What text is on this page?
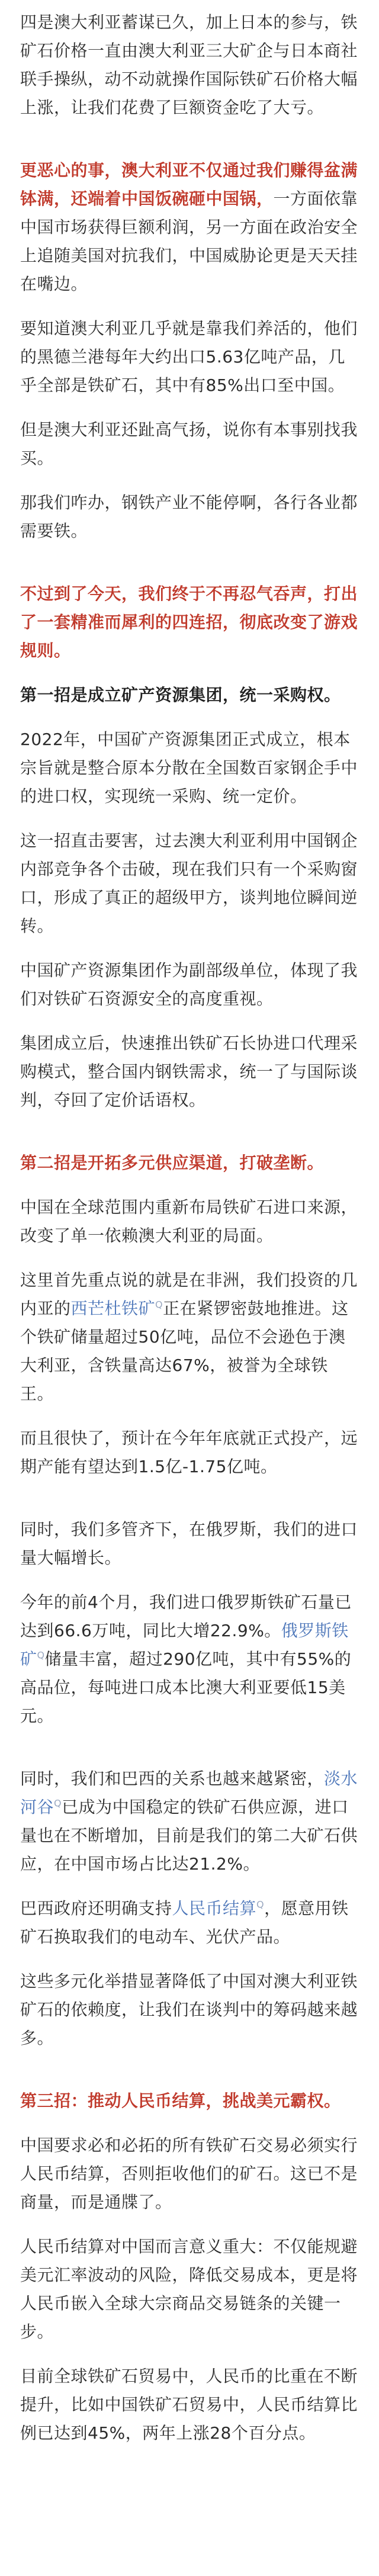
四是澳大利亚蓄谋已久，加上日本的参与，铁矿石价格一直由澳大利亚三大矿企与日本商社联手操纵，动不动就操作国际铁矿石价格大幅上涨，让我们花费了巨额资金吃了大亏。

更恶心的事，澳大利亚不仅通过我们赚得盆满钵满，还端着中国饭碗砸中国锅，一方面依靠中国市场获得巨额利润，另一方面在政治安全上追随美国对抗我们，中国威胁论更是天天挂在嘴边。

要知道澳大利亚几乎就是靠我们养活的，他们的黑德兰港每年大约出口5.63亿吨产品，几乎全部是铁矿石，其中有85%出口至中国。

但是澳大利亚还趾高气扬，说你有本事别找我买。

那我们咋办，钢铁产业不能停啊，各行各业都需要铁。

不过到了今天，我们终于不再忍气吞声，打出了一套精准而犀利的四连招，彻底改变了游戏规则。

第一招是成立矿产资源集团，统一采购权。

2022年，中国矿产资源集团正式成立，根本宗旨就是整合原本分散在全国数百家钢企手中的进口权，实现统一采购、统一定价。

这一招直击要害，过去澳大利亚利用中国钢企内部竞争各个击破，现在我们只有一个采购窗口，形成了真正的超级甲方，谈判地位瞬间逆转。

中国矿产资源集团作为副部级单位，体现了我们对铁矿石资源安全的高度重视。

集团成立后，快速推出铁矿石长协进口代理采购模式，整合国内钢铁需求，统一了与国际谈判，夺回了定价话语权。

第二招是开拓多元供应渠道，打破垄断。

中国在全球范围内重新布局铁矿石进口来源，改变了单一依赖澳大利亚的局面。

这里首先重点说的就是在非洲，我们投资的几内亚的西芒杜铁矿$^Q$正在紧锣密鼓地推进。这个铁矿储量超过50亿吨，品位不会逊色于澳大利亚，含铁量高达67%，被誉为全球铁王。

而且很快了，预计在今年年底就正式投产，远期产能有望达到1.5亿-1.75亿吨。

同时，我们多管齐下，在俄罗斯，我们的进口量大幅增长。

今年的前4个月，我们进口俄罗斯铁矿石量已达到66.6万吨，同比大增22.9%。俄罗斯铁矿$^Q$储量丰富，超过290亿吨，其中有55%的高品位，每吨进口成本比澳大利亚要低15美元。

同时，我们和巴西的关系也越来越紧密，淡水河谷$^Q$已成为中国稳定的铁矿石供应源，进口量也在不断增加，目前是我们的第二大矿石供应，在中国市场占比达21.2%。

巴西政府还明确支持人民币结算$^Q$，愿意用铁矿石换取我们的电动车、光伏产品。

这些多元化举措显著降低了中国对澳大利亚铁矿石的依赖度，让我们在谈判中的筹码越来越多。

第三招：推动人民币结算，挑战美元霸权。

中国要求必和必拓的所有铁矿石交易必须实行人民币结算，否则拒收他们的矿石。这已不是商量，而是通牒了。

人民币结算对中国而言意义重大：不仅能规避美元汇率波动的风险，降低交易成本，更是将人民币嵌入全球大宗商品交易链条的关键一步。

目前全球铁矿石贸易中，人民币的比重在不断提升，比如中国铁矿石贸易中，人民币结算比例已达到45%，两年上涨28个百分点。
